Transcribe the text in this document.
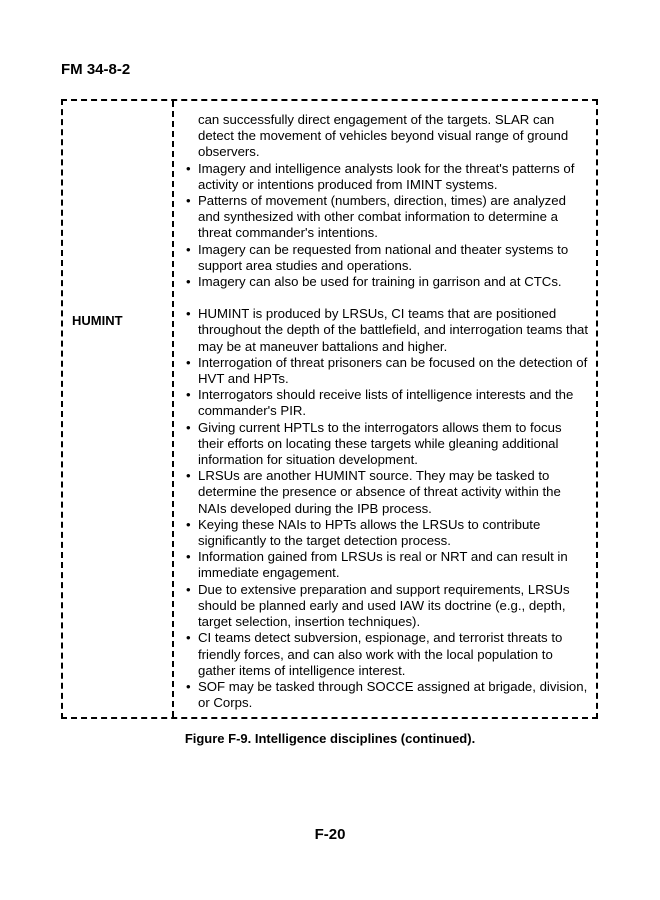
FM 34-8-2
HUMINT
can successfully direct engagement of the targets. SLAR can detect the movement of vehicles beyond visual range of ground observers.
• Imagery and intelligence analysts look for the threat's patterns of activity or intentions produced from IMINT systems.
• Patterns of movement (numbers, direction, times) are analyzed and synthesized with other combat information to determine a threat commander's intentions.
• Imagery can be requested from national and theater systems to support area studies and operations.
• Imagery can also be used for training in garrison and at CTCs.
• HUMINT is produced by LRSUs, CI teams that are positioned throughout the depth of the battlefield, and interrogation teams that may be at maneuver battalions and higher.
• Interrogation of threat prisoners can be focused on the detection of HVT and HPTs.
• Interrogators should receive lists of intelligence interests and the commander's PIR.
• Giving current HPTLs to the interrogators allows them to focus their efforts on locating these targets while gleaning additional information for situation development.
• LRSUs are another HUMINT source. They may be tasked to determine the presence or absence of threat activity within the NAIs developed during the IPB process.
• Keying these NAIs to HPTs allows the LRSUs to contribute significantly to the target detection process.
• Information gained from LRSUs is real or NRT and can result in immediate engagement.
• Due to extensive preparation and support requirements, LRSUs should be planned early and used IAW its doctrine (e.g., depth, target selection, insertion techniques).
• CI teams detect subversion, espionage, and terrorist threats to friendly forces, and can also work with the local population to gather items of intelligence interest.
• SOF may be tasked through SOCCE assigned at brigade, division, or Corps.
Figure F-9. Intelligence disciplines (continued).
F-20
